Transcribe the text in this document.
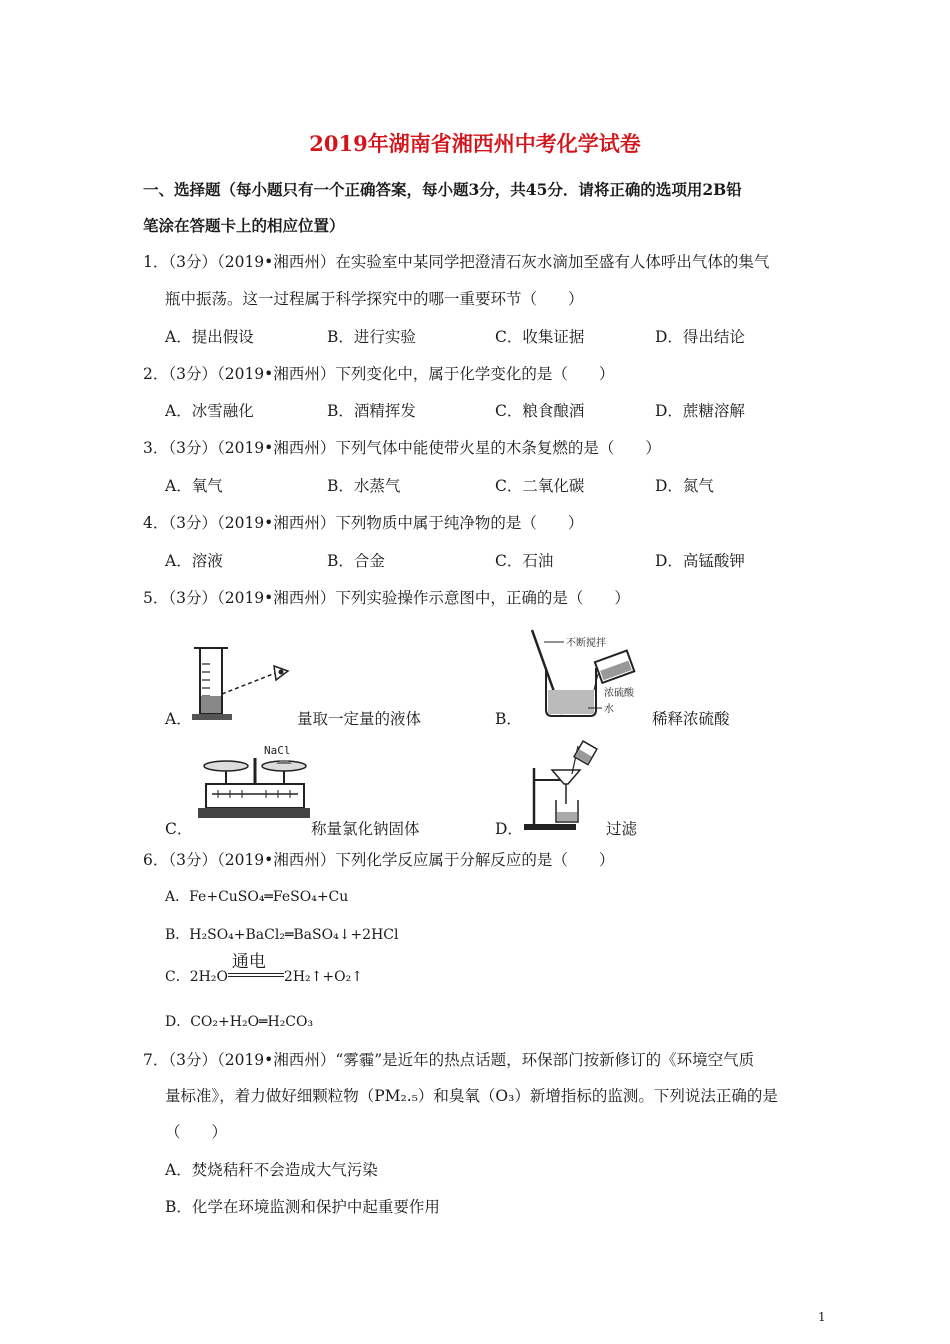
2019年湖南省湘西州中考化学试卷
一、选择题（每小题只有一个正确答案，每小题3分，共45分．请将正确的选项用2B铅
笔涂在答题卡上的相应位置）
1．（3分）（2019•湘西州）在实验室中某同学把澄清石灰水滴加至盛有人体呼出气体的集气
瓶中振荡。这一过程属于科学探究中的哪一重要环节（　　）
A．提出假设	B．进行实验	C．收集证据	D．得出结论
2．（3分）（2019•湘西州）下列变化中，属于化学变化的是（　　）
A．冰雪融化	B．酒精挥发	C．粮食酿酒	D．蔗糖溶解
3．（3分）（2019•湘西州）下列气体中能使带火星的木条复燃的是（　　）
A．氧气	B．水蒸气	C．二氧化碳	D．氮气
4．（3分）（2019•湘西州）下列物质中属于纯净物的是（　　）
A．溶液	B．合金	C．石油	D．高锰酸钾
5．（3分）（2019•湘西州）下列实验操作示意图中，正确的是（　　）
A．	量取一定量的液体
不断搅拌
浓硫酸
水
B．	稀释浓硫酸
NaCl
C．	称量氯化钠固体	D．	过滤
6．（3分）（2019•湘西州）下列化学反应属于分解反应的是（　　）
A．Fe+CuSO₄═FeSO₄+Cu
B．H₂SO₄+BaCl₂═BaSO₄↓+2HCl
C．2H₂O
通电
2H₂↑+O₂↑
D．CO₂+H₂O═H₂CO₃
7．（3分）（2019•湘西州）“雾霾”是近年的热点话题，环保部门按新修订的《环境空气质
量标准》，着力做好细颗粒物（PM₂.₅）和臭氧（O₃）新增指标的监测。下列说法正确的是
（　　）
A．焚烧秸秆不会造成大气污染
B．化学在环境监测和保护中起重要作用
1
